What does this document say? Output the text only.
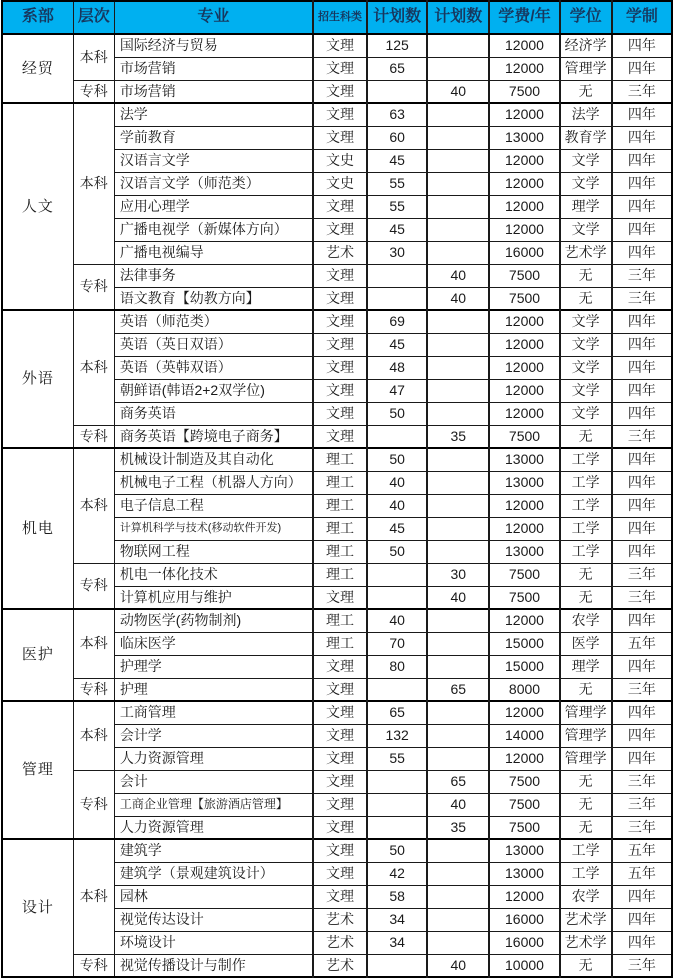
系部	层次	专业	招生科类	计划数	计划数	学费/年	学位	学制
经贸	本科	国际经济与贸易	文理	125		12000	经济学	四年
		市场营销	文理	65		12000	管理学	四年
	专科	市场营销	文理		40	7500	无	三年
人文	本科	法学	文理	63		12000	法学	四年
		学前教育	文理	60		13000	教育学	四年
		汉语言文学	文史	45		12000	文学	四年
		汉语言文学（师范类）	文史	55		12000	文学	四年
		应用心理学	文理	55		12000	理学	四年
		广播电视学（新媒体方向）	文理	45		12000	文学	四年
		广播电视编导	艺术	30		16000	艺术学	四年
	专科	法律事务	文理		40	7500	无	三年
		语文教育【幼教方向】	文理		40	7500	无	三年
外语	本科	英语（师范类）	文理	69		12000	文学	四年
		英语（英日双语）	文理	45		12000	文学	四年
		英语（英韩双语）	文理	48		12000	文学	四年
		朝鲜语(韩语2+2双学位)	文理	47		12000	文学	四年
		商务英语	文理	50		12000	文学	四年
	专科	商务英语【跨境电子商务】	文理		35	7500	无	三年
机电	本科	机械设计制造及其自动化	理工	50		13000	工学	四年
		机械电子工程（机器人方向）	理工	40		13000	工学	四年
		电子信息工程	理工	40		12000	工学	四年
		计算机科学与技术(移动软件开发)	理工	45		12000	工学	四年
		物联网工程	理工	50		13000	工学	四年
	专科	机电一体化技术	理工		30	7500	无	三年
		计算机应用与维护	文理		40	7500	无	三年
医护	本科	动物医学(药物制剂)	理工	40		12000	农学	四年
		临床医学	理工	70		15000	医学	五年
		护理学	文理	80		15000	理学	四年
	专科	护理	文理		65	8000	无	三年
管理	本科	工商管理	文理	65		12000	管理学	四年
		会计学	文理	132		14000	管理学	四年
		人力资源管理	文理	55		12000	管理学	四年
	专科	会计	文理		65	7500	无	三年
		工商企业管理【旅游酒店管理】	文理		40	7500	无	三年
		人力资源管理	文理		35	7500	无	三年
设计	本科	建筑学	文理	50		13000	工学	五年
		建筑学（景观建筑设计）	文理	42		13000	工学	五年
		园林	文理	58		12000	农学	四年
		视觉传达设计	艺术	34		16000	艺术学	四年
		环境设计	艺术	34		16000	艺术学	四年
	专科	视觉传播设计与制作	艺术		40	10000	无	三年
